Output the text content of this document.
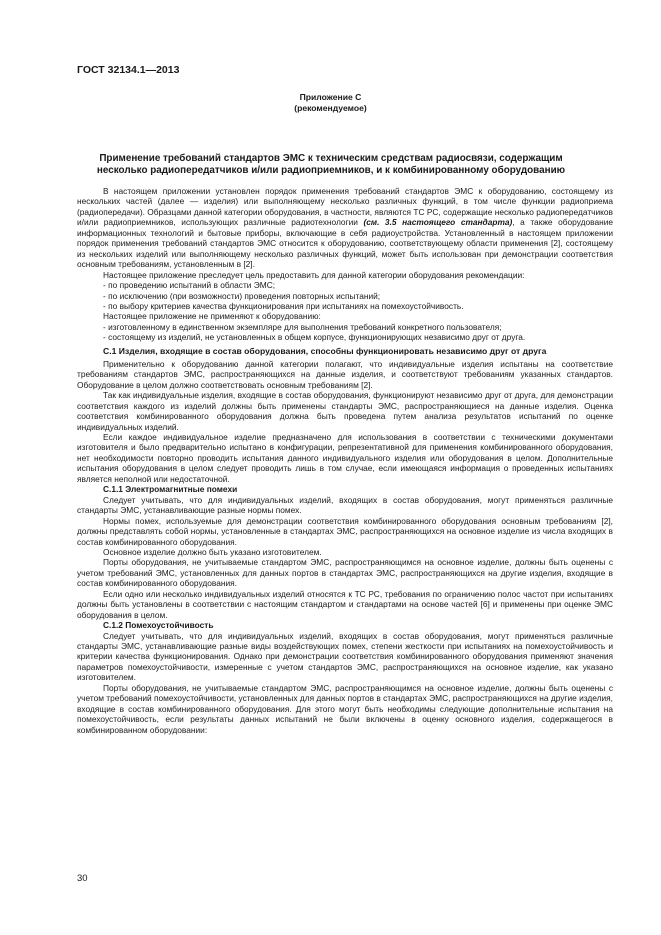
ГОСТ 32134.1—2013
Приложение С
(рекомендуемое)
Применение требований стандартов ЭМС к техническим средствам радиосвязи, содержащим несколько радиопередатчиков и/или радиоприемников, и к комбинированному оборудованию

В настоящем приложении установлен порядок применения требований стандартов ЭМС к оборудованию, состоящему из нескольких частей (далее — изделия) или выполняющему несколько различных функций, в том числе функции радиоприема (радиопередачи). Образцами данной категории оборудования, в частности, являются ТС РС, содержащие несколько радиопередатчиков и/или радиоприемников, использующих различные радиотехнологии (см. 3.5 настоящего стандарта), а также оборудование информационных технологий и бытовые приборы, включающие в себя радиоустройства. Установленный в настоящем приложении порядок применения требований стандартов ЭМС относится к оборудованию, соответствующему области применения [2], состоящему из нескольких изделий или выполняющему несколько различных функций, может быть использован при демонстрации соответствия основным требованиям, установленным в [2].

Настоящее приложение преследует цель предоставить для данной категории оборудования рекомендации:

- по проведению испытаний в области ЭМС;

- по исключению (при возможности) проведения повторных испытаний;

- по выбору критериев качества функционирования при испытаниях на помехоустойчивость.

Настоящее приложение не применяют к оборудованию:

- изготовленному в единственном экземпляре для выполнения требований конкретного пользователя;

- состоящему из изделий, не установленных в общем корпусе, функционирующих независимо друг от друга.

С.1 Изделия, входящие в состав оборудования, способны функционировать независимо друг от друга

Применительно к оборудованию данной категории полагают, что индивидуальные изделия испытаны на соответствие требованиям стандартов ЭМС, распространяющихся на данные изделия, и соответствуют требованиям указанных стандартов. Оборудование в целом должно соответствовать основным требованиям [2].

Так как индивидуальные изделия, входящие в состав оборудования, функционируют независимо друг от друга, для демонстрации соответствия каждого из изделий должны быть применены стандарты ЭМС, распространяющиеся на данные изделия. Оценка соответствия комбинированного оборудования должна быть проведена путем анализа результатов испытаний по оценке индивидуальных изделий.

Если каждое индивидуальное изделие предназначено для использования в соответствии с техническими документами изготовителя и было предварительно испытано в конфигурации, репрезентативной для применения комбинированного оборудования, нет необходимости повторно проводить испытания данного индивидуального изделия или оборудования в целом. Дополнительные испытания оборудования в целом следует проводить лишь в том случае, если имеющаяся информация о проведенных испытаниях является неполной или недостаточной.

С.1.1 Электромагнитные помехи

Следует учитывать, что для индивидуальных изделий, входящих в состав оборудования, могут применяться различные стандарты ЭМС, устанавливающие разные нормы помех.

Нормы помех, используемые для демонстрации соответствия комбинированного оборудования основным требованиям [2], должны представлять собой нормы, установленные в стандартах ЭМС, распространяющихся на основное изделие из числа входящих в состав комбинированного оборудования.

Основное изделие должно быть указано изготовителем.

Порты оборудования, не учитываемые стандартом ЭМС, распространяющимся на основное изделие, должны быть оценены с учетом требований ЭМС, установленных для данных портов в стандартах ЭМС, распространяющихся на другие изделия, входящие в состав комбинированного оборудования.

Если одно или несколько индивидуальных изделий относятся к ТС РС, требования по ограничению полос частот при испытаниях должны быть установлены в соответствии с настоящим стандартом и стандартами на основе частей [6] и применены при оценке ЭМС оборудования в целом.

С.1.2 Помехоустойчивость

Следует учитывать, что для индивидуальных изделий, входящих в состав оборудования, могут применяться различные стандарты ЭМС, устанавливающие разные виды воздействующих помех, степени жесткости при испытаниях на помехоустойчивость и критерии качества функционирования. Однако при демонстрации соответствия комбинированного оборудования применяют значения параметров помехоустойчивости, измеренные с учетом стандартов ЭМС, распространяющихся на основное изделие, как указано изготовителем.

Порты оборудования, не учитываемые стандартом ЭМС, распространяющимся на основное изделие, должны быть оценены с учетом требований помехоустойчивости, установленных для данных портов в стандартах ЭМС, распространяющихся на другие изделия, входящие в состав комбинированного оборудования. Для этого могут быть необходимы следующие дополнительные испытания на помехоустойчивость, если результаты данных испытаний не были включены в оценку основного изделия, содержащегося в комбинированном оборудовании:

30
